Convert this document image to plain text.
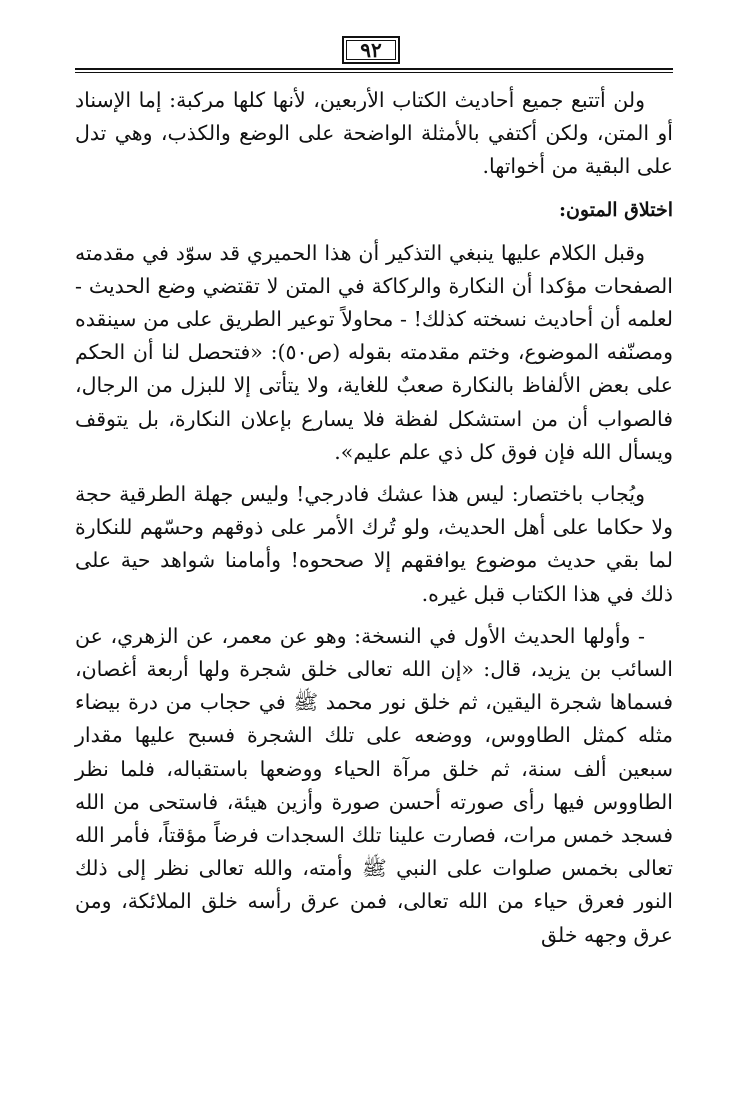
٩٢

ولن أتتبع جميع أحاديث الكتاب الأربعين، لأنها كلها مركبة: إما الإسناد أو المتن، ولكن أكتفي بالأمثلة الواضحة على الوضع والكذب، وهي تدل على البقية من أخواتها.

اختلاق المتون:

وقبل الكلام عليها ينبغي التذكير أن هذا الحميري قد سوّد في مقدمته الصفحات مؤكدا أن النكارة والركاكة في المتن لا تقتضي وضع الحديث - لعلمه أن أحاديث نسخته كذلك! - محاولاً توعير الطريق على من سينقده ومصنّفه الموضوع، وختم مقدمته بقوله (ص٥٠): «فتحصل لنا أن الحكم على بعض الألفاظ بالنكارة صعبٌ للغاية، ولا يتأتى إلا للبزل من الرجال، فالصواب أن من استشكل لفظة فلا يسارع بإعلان النكارة، بل يتوقف ويسأل الله فإن فوق كل ذي علم عليم».

ويُجاب باختصار: ليس هذا عشك فادرجي! وليس جهلة الطرقية حجة ولا حكاما على أهل الحديث، ولو تُرك الأمر على ذوقهم وحسّهم للنكارة لما بقي حديث موضوع يوافقهم إلا صححوه! وأمامنا شواهد حية على ذلك في هذا الكتاب قبل غيره.

- وأولها الحديث الأول في النسخة: وهو عن معمر، عن الزهري، عن السائب بن يزيد، قال: «إن الله تعالى خلق شجرة ولها أربعة أغصان، فسماها شجرة اليقين، ثم خلق نور محمد ﷺ في حجاب من درة بيضاء مثله كمثل الطاووس، ووضعه على تلك الشجرة فسبح عليها مقدار سبعين ألف سنة، ثم خلق مرآة الحياء ووضعها باستقباله، فلما نظر الطاووس فيها رأى صورته أحسن صورة وأزين هيئة، فاستحى من الله فسجد خمس مرات، فصارت علينا تلك السجدات فرضاً مؤقتاً، فأمر الله تعالى بخمس صلوات على النبي ﷺ وأمته، والله تعالى نظر إلى ذلك النور فعرق حياء من الله تعالى، فمن عرق رأسه خلق الملائكة، ومن عرق وجهه خلق
